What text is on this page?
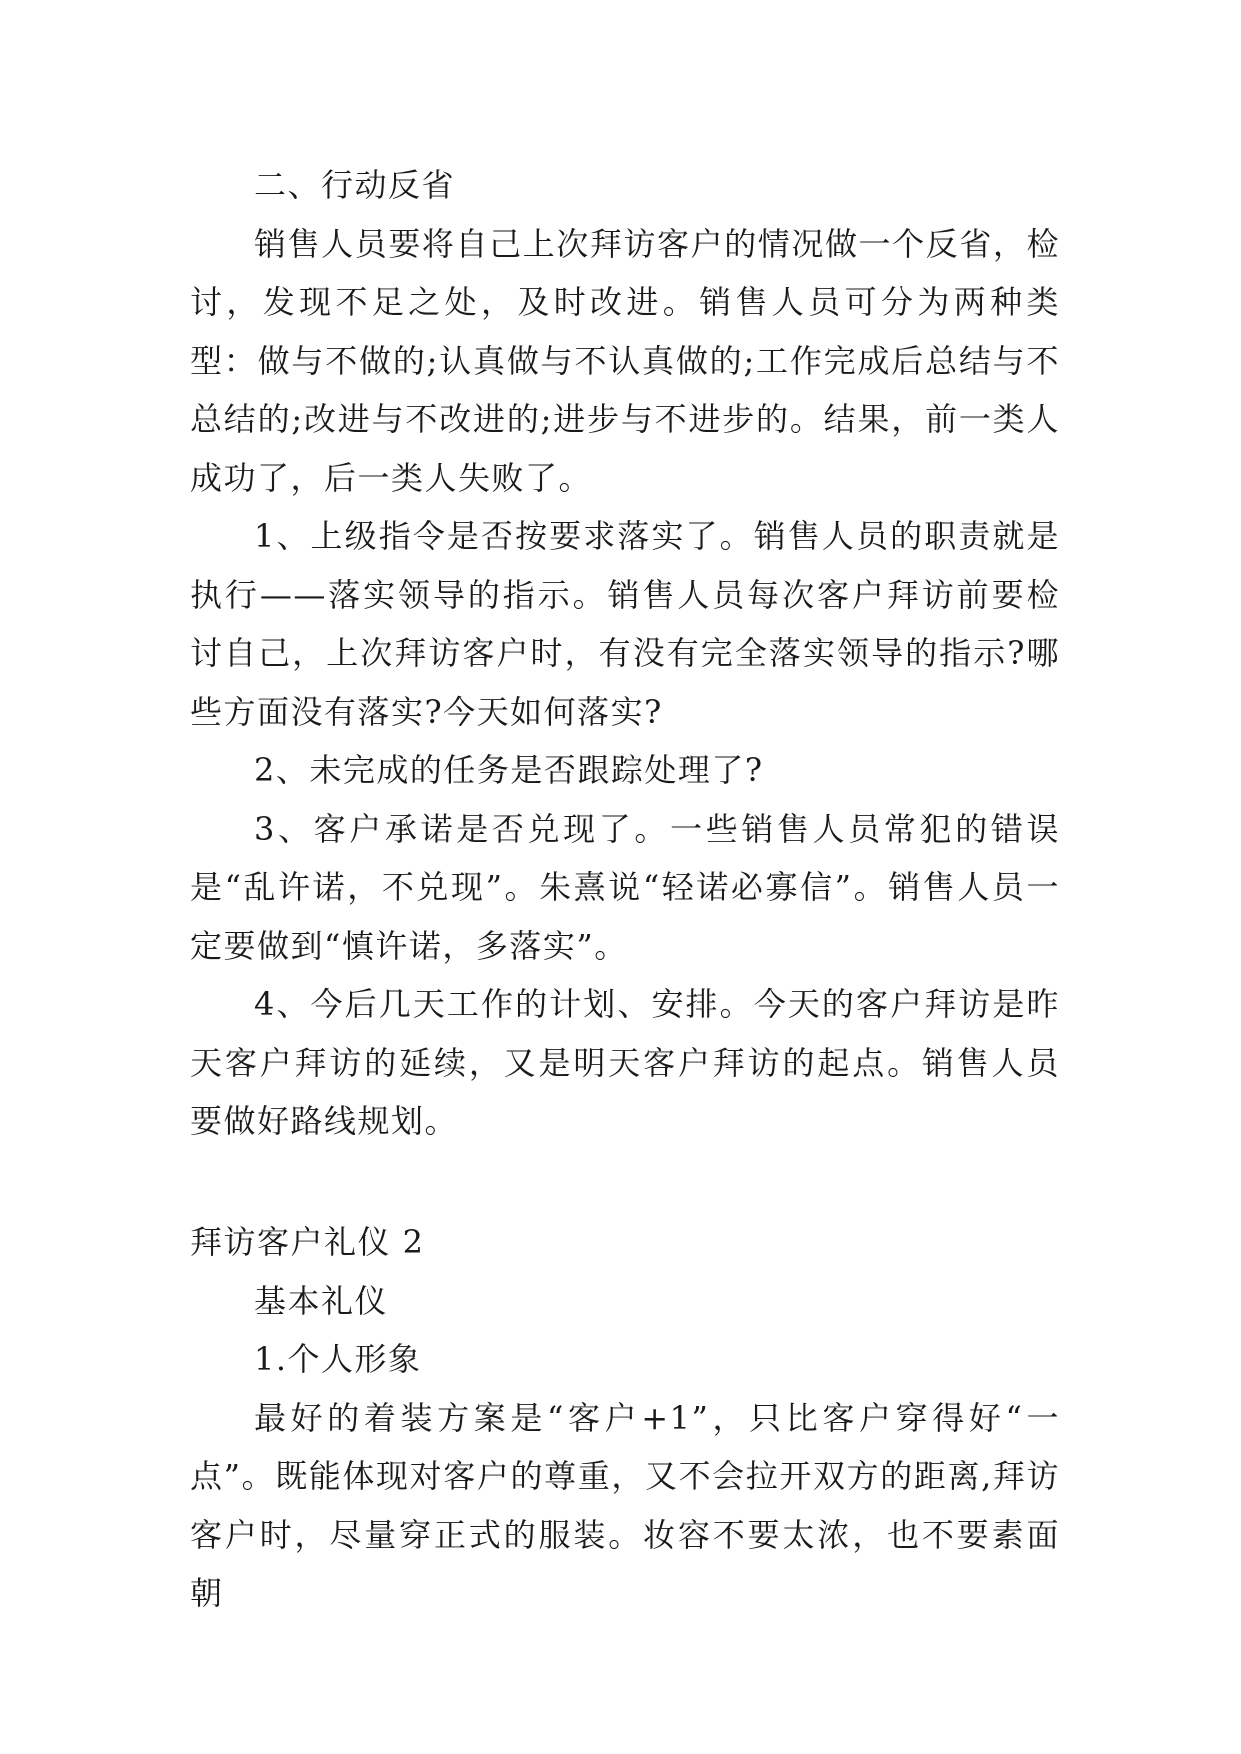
二、行动反省

销售人员要将自己上次拜访客户的情况做一个反省，检讨，发现不足之处，及时改进。销售人员可分为两种类型：做与不做的;认真做与不认真做的;工作完成后总结与不总结的;改进与不改进的;进步与不进步的。结果，前一类人成功了，后一类人失败了。

1、上级指令是否按要求落实了。销售人员的职责就是执行——落实领导的指示。销售人员每次客户拜访前要检讨自己，上次拜访客户时，有没有完全落实领导的指示?哪些方面没有落实?今天如何落实?

2、未完成的任务是否跟踪处理了?

3、客户承诺是否兑现了。一些销售人员常犯的错误是“乱许诺，不兑现”。朱熹说“轻诺必寡信”。销售人员一定要做到“慎许诺，多落实”。

4、今后几天工作的计划、安排。今天的客户拜访是昨天客户拜访的延续，又是明天客户拜访的起点。销售人员要做好路线规划。

拜访客户礼仪 2

基本礼仪

1.个人形象

最好的着装方案是“客户+1”，只比客户穿得好“一点”。既能体现对客户的尊重，又不会拉开双方的距离,拜访客户时，尽量穿正式的服装。妆容不要太浓，也不要素面朝
